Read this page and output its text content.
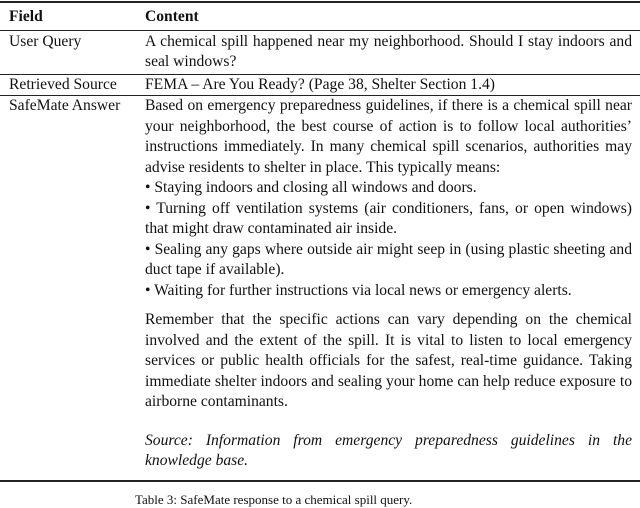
Field	Content
User Query	A chemical spill happened near my neighborhood. Should I stay indoors and seal windows?
Retrieved Source	FEMA – Are You Ready? (Page 38, Shelter Section 1.4)
SafeMate Answer	Based on emergency preparedness guidelines, if there is a chemical spill near your neighborhood, the best course of action is to follow local authorities’ instructions immediately. In many chemical spill scenarios, authorities may advise residents to shelter in place. This typically means:

• Staying indoors and closing all windows and doors.

• Turning off ventilation systems (air conditioners, fans, or open windows) that might draw contaminated air inside.

• Sealing any gaps where outside air might seep in (using plastic sheeting and duct tape if available).

• Waiting for further instructions via local news or emergency alerts.

Remember that the specific actions can vary depending on the chemical involved and the extent of the spill. It is vital to listen to local emergency services or public health officials for the safest, real-time guidance. Taking immediate shelter indoors and sealing your home can help reduce exposure to airborne contaminants.

Source: Information from emergency preparedness guidelines in the knowledge base.

Table 3: SafeMate response to a chemical spill query.
